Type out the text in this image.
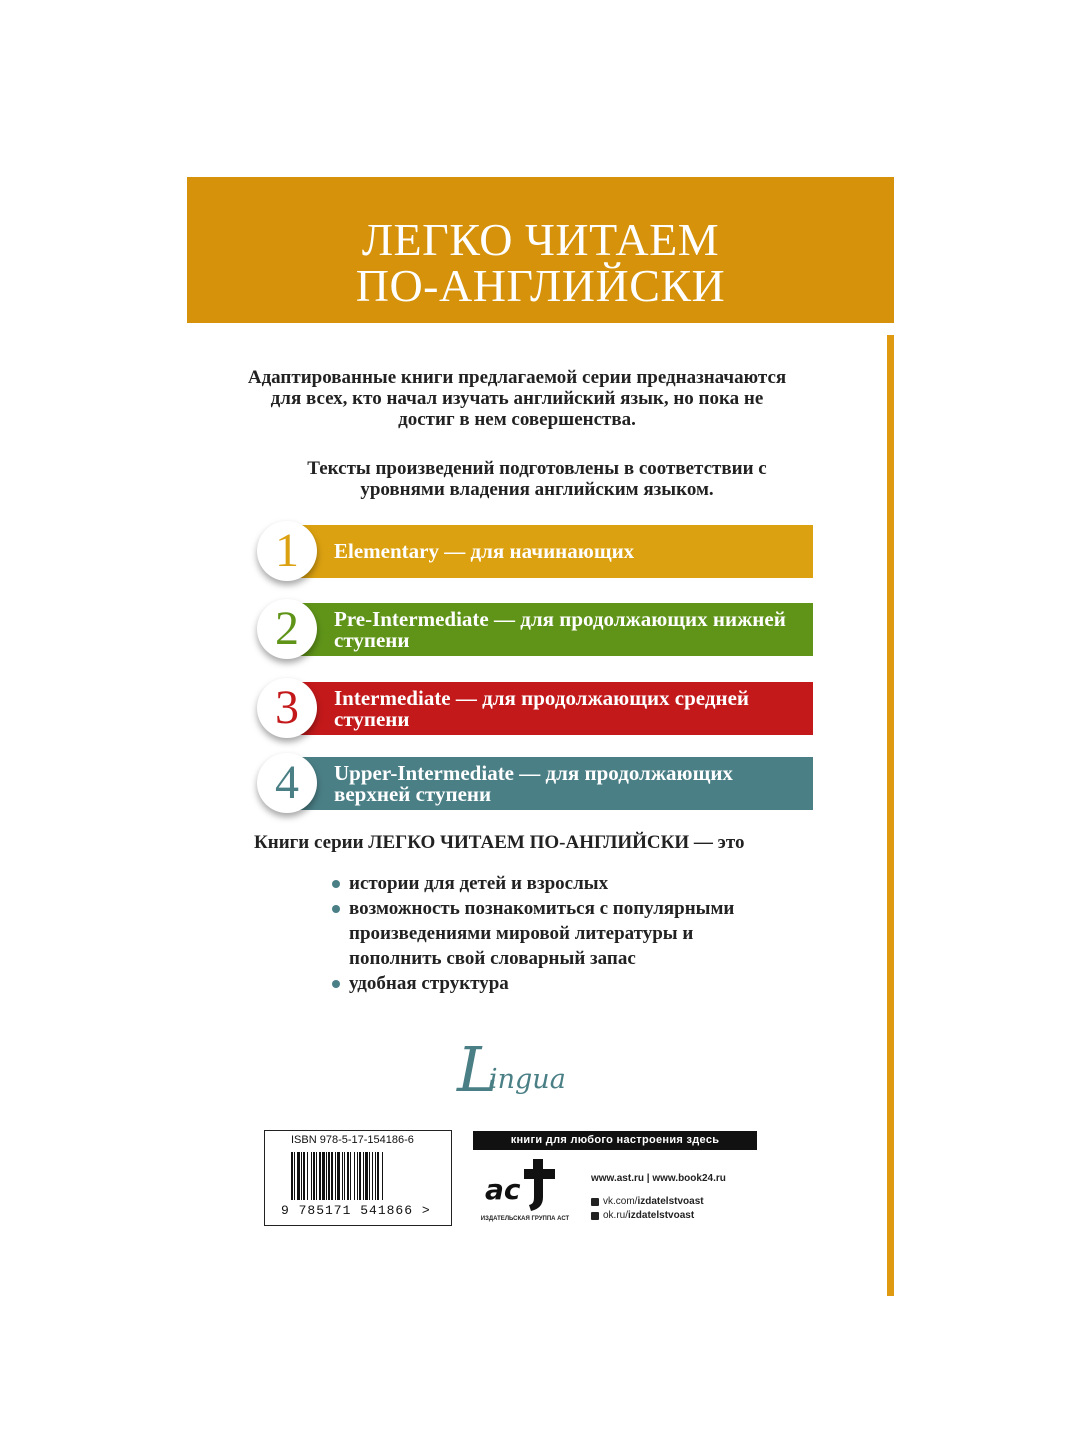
ЛЕГКО ЧИТАЕМ
ПО-АНГЛИЙСКИ
Адаптированные книги предлагаемой серии предназначаются для всех, кто начал изучать английский язык, но пока не достиг в нем совершенства.
Тексты произведений подготовлены в соответствии с уровнями владения английским языком.
1	Elementary — для начинающих
2	Pre-Intermediate — для продолжающих нижней ступени
3	Intermediate — для продолжающих средней ступени
4	Upper-Intermediate — для продолжающих верхней ступени
Книги серии ЛЕГКО ЧИТАЕМ ПО-АНГЛИЙСКИ — это
истории для детей и взрослых
возможность познакомиться с популярными произведениями мировой литературы и пополнить свой словарный запас
удобная структура
L
ingua
ISBN 978-5-17-154186-6
9 785171 541866 >
книги для любого настроения здесь
ac
ИЗДАТЕЛЬСКАЯ ГРУППА АСТ
www.ast.ru | www.book24.ru
vk.com/ izdatelstvoast
ok.ru/ izdatelstvoast
